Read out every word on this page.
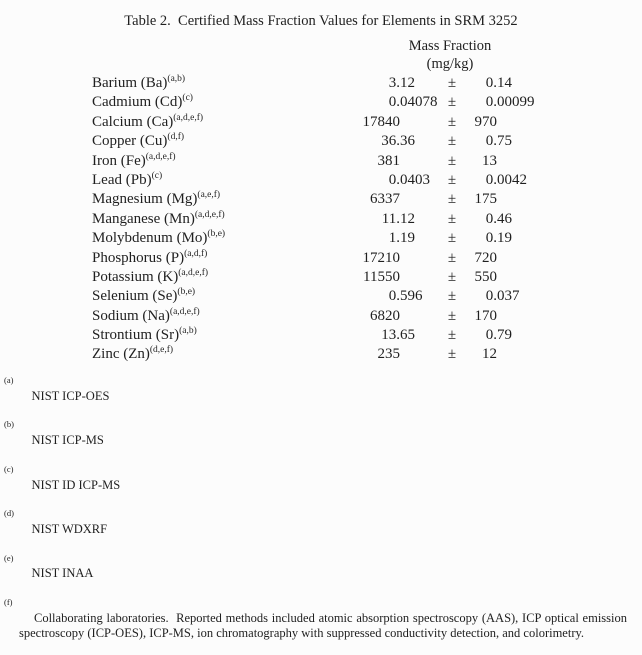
Table 2.  Certified Mass Fraction Values for Elements in SRM 3252
Mass Fraction
(mg/kg)
Barium $(Ba)^{(a,b)}$	3. 12 ±	0. 14
Cadmium $(Cd)^{(c)}$	0. 04078 ±	0. 00099
Calcium $(Ca)^{(a,d,e,f)}$	17840	±	970
Copper $(Cu)^{(d,f)}$	36. 36 ±	0. 75
Iron $(Fe)^{(a,d,e,f)}$	381	±	13
Lead $(Pb)^{(c)}$	0. 0403 ±	0. 0042
Magnesium $(Mg)^{(a,e,f)}$	6337	±	175
Manganese $(Mn)^{(a,d,e,f)}$	11. 12 ±	0. 46
Molybdenum $(Mo)^{(b,e)}$	1. 19 ±	0. 19
Phosphorus $(P)^{(a,d,f)}$	17210	±	720
Potassium $(K)^{(a,d,e,f)}$	11550	±	550
Selenium $(Se)^{(b,e)}$	0. 596 ±	0. 037
Sodium $(Na)^{(a,d,e,f)}$	6820	±	170
Strontium $(Sr)^{(a,b)}$	13. 65 ±	0. 79
Zinc $(Zn)^{(d,e,f)}$	235	±	12

(a)
NIST ICP-OES

(b)
NIST ICP-MS

(c)
NIST ID ICP-MS

(d)
NIST WDXRF

(e)
NIST INAA

(f)
Collaborating laboratories.  Reported methods included atomic absorption spectroscopy (AAS), ICP optical emission spectroscopy (ICP-OES), ICP-MS, ion chromatography with suppressed conductivity detection, and colorimetry.
